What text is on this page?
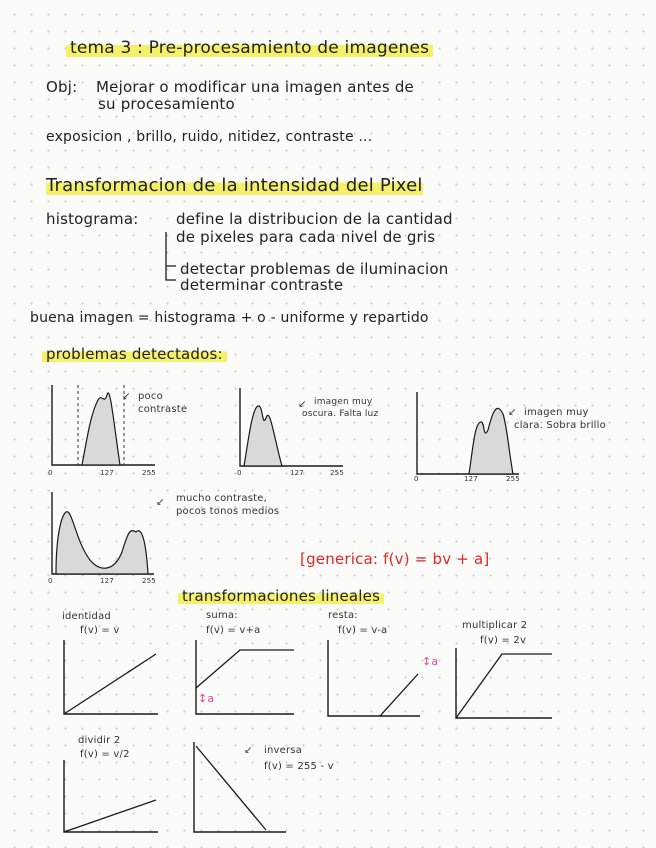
tema 3 : Pre-procesamiento de imagenes
Obj: Mejorar o modificar una imagen antes de
su procesamiento
exposicion , brillo, ruido, nitidez, contraste ...
Transformacion de la intensidad del Pixel
histograma:	define la distribucion de la cantidad
de pixeles para cada nivel de gris
detectar problemas de iluminacion
determinar contraste
buena imagen = histograma + o - uniforme y repartido
problemas detectados:
0	127	255
↙ poco
contraste
0	127	255
↙ imagen muy
oscura. Falta luz
0	127	255
↙ imagen muy
clara. Sobra brillo
0	127	255
↙ mucho contraste,
pocos tonos medios
[generica: f(v) = bv + a]
transformaciones lineales
identidad
f(v) = v
suma:
f(v) = v+a
↕a
resta:
f(v) = v-a
↕a
multiplicar 2
f(v) = 2v
dividir 2
f(v) = v/2	↙ inversa
f(v) = 255 - v
